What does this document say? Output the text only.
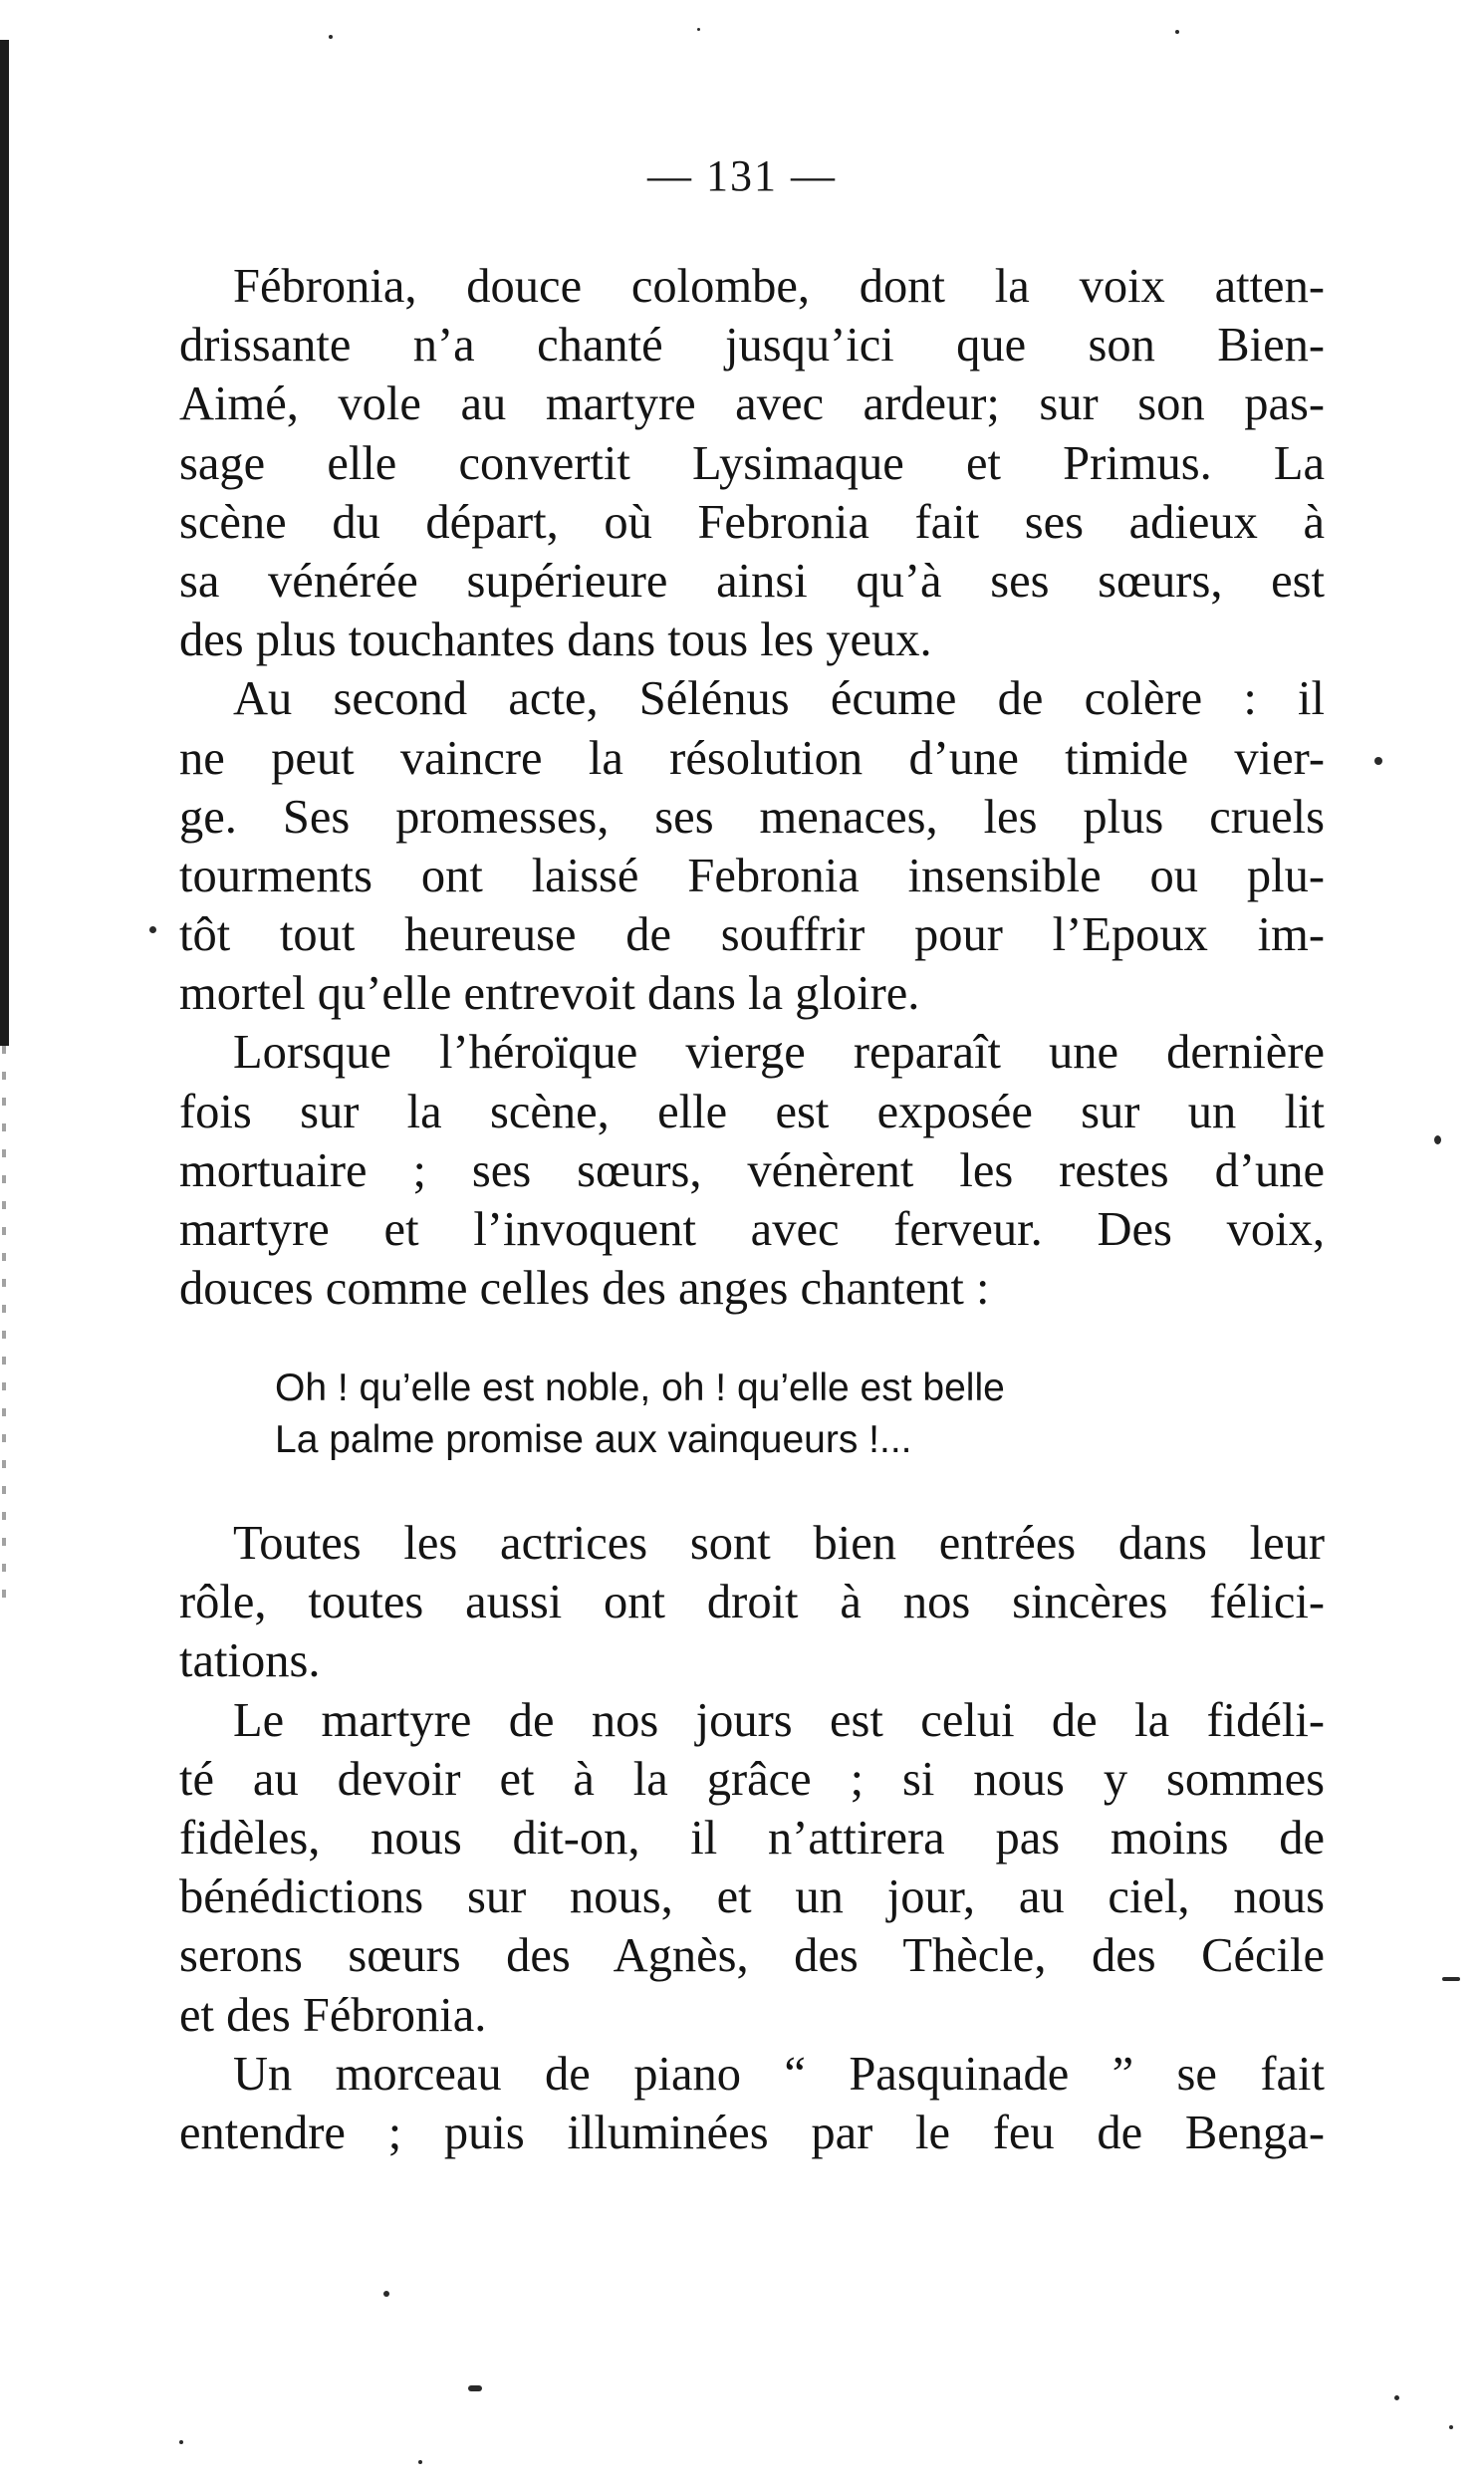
— 131 —
Fébronia, douce colombe, dont la voix atten-
drissante n’a chanté jusqu’ici que son Bien-
Aimé, vole au martyre avec ardeur; sur son pas-
sage elle convertit Lysimaque et Primus. La
scène du départ, où Febronia fait ses adieux à
sa vénérée supérieure ainsi qu’à ses sœurs, est
des plus touchantes dans tous les yeux.
Au second acte, Sélénus écume de colère : il
ne peut vaincre la résolution d’une timide vier-
ge. Ses promesses, ses menaces, les plus cruels
tourments ont laissé Febronia insensible ou plu-
tôt tout heureuse de souffrir pour l’Epoux im-
mortel qu’elle entrevoit dans la gloire.
Lorsque l’héroïque vierge reparaît une dernière
fois sur la scène, elle est exposée sur un lit
mortuaire ; ses sœurs, vénèrent les restes d’une
martyre et l’invoquent avec ferveur. Des voix,
douces comme celles des anges chantent :
Oh ! qu’elle est noble, oh ! qu’elle est belle
La palme promise aux vainqueurs !...
Toutes les actrices sont bien entrées dans leur
rôle, toutes aussi ont droit à nos sincères félici-
tations.
Le martyre de nos jours est celui de la fidéli-
té au devoir et à la grâce ; si nous y sommes
fidèles, nous dit-on, il n’attirera pas moins de
bénédictions sur nous, et un jour, au ciel, nous
serons sœurs des Agnès, des Thècle, des Cécile
et des Fébronia.
Un morceau de piano “ Pasquinade ” se fait
entendre ; puis illuminées par le feu de Benga-
